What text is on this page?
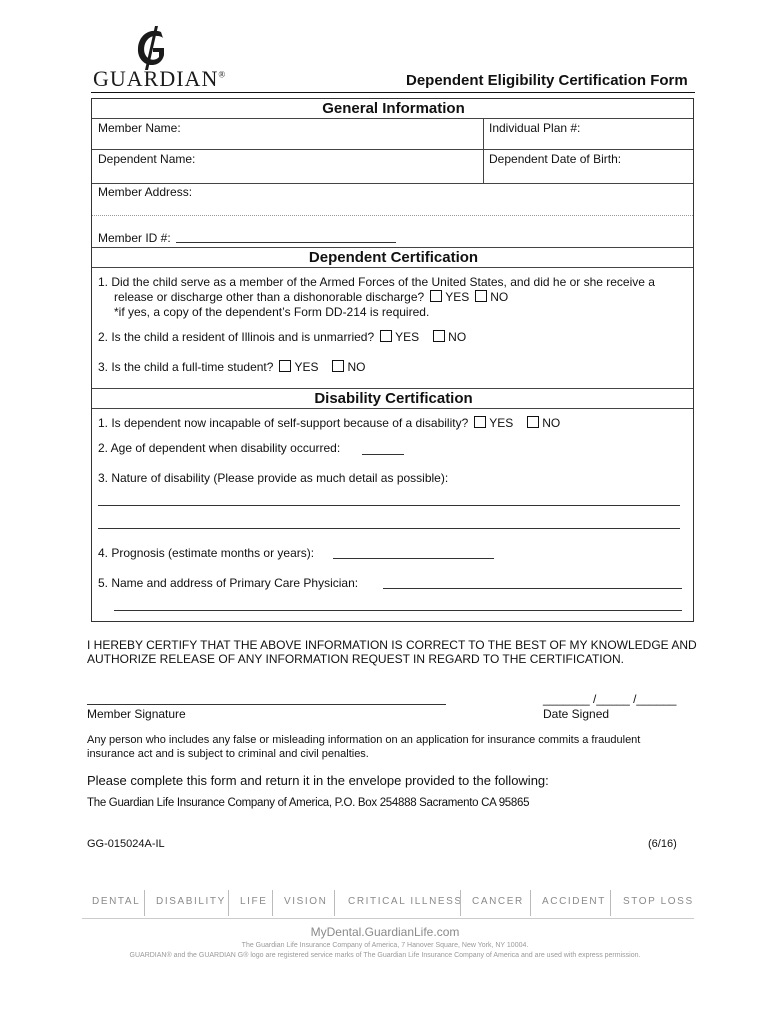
GUARDIAN®	Dependent Eligibility Certification Form
General Information
Member Name:	Individual Plan #:
Dependent Name:	Dependent Date of Birth:
Member Address:
Member ID #:
Dependent Certification
1. Did the child serve as a member of the Armed Forces of the United States, and did he or she receive a
release or discharge other than a dishonorable discharge? YES NO
*if yes, a copy of the dependent’s Form DD-214 is required.
2. Is the child a resident of Illinois and is unmarried? YES NO
3. Is the child a full-time student? YES NO
Disability Certification
1. Is dependent now incapable of self-support because of a disability? YES NO
2. Age of dependent when disability occurred:
3. Nature of disability (Please provide as much detail as possible):
4. Prognosis (estimate months or years):
5. Name and address of Primary Care Physician:
I HEREBY CERTIFY THAT THE ABOVE INFORMATION IS CORRECT TO THE BEST OF MY KNOWLEDGE AND
AUTHORIZE RELEASE OF ANY INFORMATION REQUEST IN REGARD TO THE CERTIFICATION.
Member Signature
_______ /_____ /______
Date Signed
Any person who includes any false or misleading information on an application for insurance commits a fraudulent
insurance act and is subject to criminal and civil penalties.
Please complete this form and return it in the envelope provided to the following:
The Guardian Life Insurance Company of America, P.O. Box 254888 Sacramento CA 95865
GG-015024A-IL	(6/16)
DENTAL DISABILITY LIFE VISION CRITICAL ILLNESS CANCER ACCIDENT STOP LOSS
MyDental.GuardianLife.com
The Guardian Life Insurance Company of America, 7 Hanover Square, New York, NY 10004.
GUARDIAN® and the GUARDIAN G® logo are registered service marks of The Guardian Life Insurance Company of America and are used with express permission.
